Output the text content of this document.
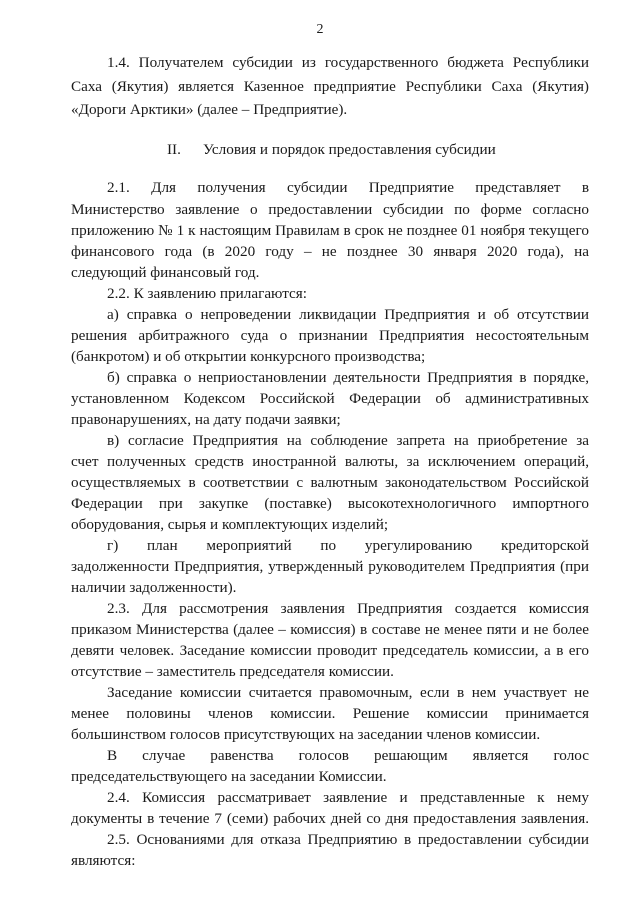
2
1.4. Получателем субсидии из государственного бюджета Республики
Саха (Якутия) является Казенное предприятие Республики Саха (Якутия)
«Дороги Арктики» (далее – Предприятие).
II. Условия и порядок предоставления субсидии
2.1. Для получения субсидии Предприятие представляет в
Министерство заявление о предоставлении субсидии по форме согласно
приложению № 1 к настоящим Правилам в срок не позднее 01 ноября текущего
финансового года (в 2020 году – не позднее 30 января 2020 года), на
следующий финансовый год.
2.2. К заявлению прилагаются:
а) справка о непроведении ликвидации Предприятия и об отсутствии
решения арбитражного суда о признании Предприятия несостоятельным
(банкротом) и об открытии конкурсного производства;
б) справка о неприостановлении деятельности Предприятия в порядке,
установленном Кодексом Российской Федерации об административных
правонарушениях, на дату подачи заявки;
в) согласие Предприятия на соблюдение запрета на приобретение за
счет полученных средств иностранной валюты, за исключением операций,
осуществляемых в соответствии с валютным законодательством Российской
Федерации при закупке (поставке) высокотехнологичного импортного
оборудования, сырья и комплектующих изделий;
г) план мероприятий по урегулированию кредиторской
задолженности Предприятия, утвержденный руководителем Предприятия (при
наличии задолженности).
2.3. Для рассмотрения заявления Предприятия создается комиссия
приказом Министерства (далее – комиссия) в составе не менее пяти и не более
девяти человек. Заседание комиссии проводит председатель комиссии, а в его
отсутствие – заместитель председателя комиссии.
Заседание комиссии считается правомочным, если в нем участвует не
менее половины членов комиссии. Решение комиссии принимается
большинством голосов присутствующих на заседании членов комиссии.
В случае равенства голосов решающим является голос
председательствующего на заседании Комиссии.
2.4. Комиссия рассматривает заявление и представленные к нему
документы в течение 7 (семи) рабочих дней со дня предоставления заявления.
2.5. Основаниями для отказа Предприятию в предоставлении субсидии
являются:
